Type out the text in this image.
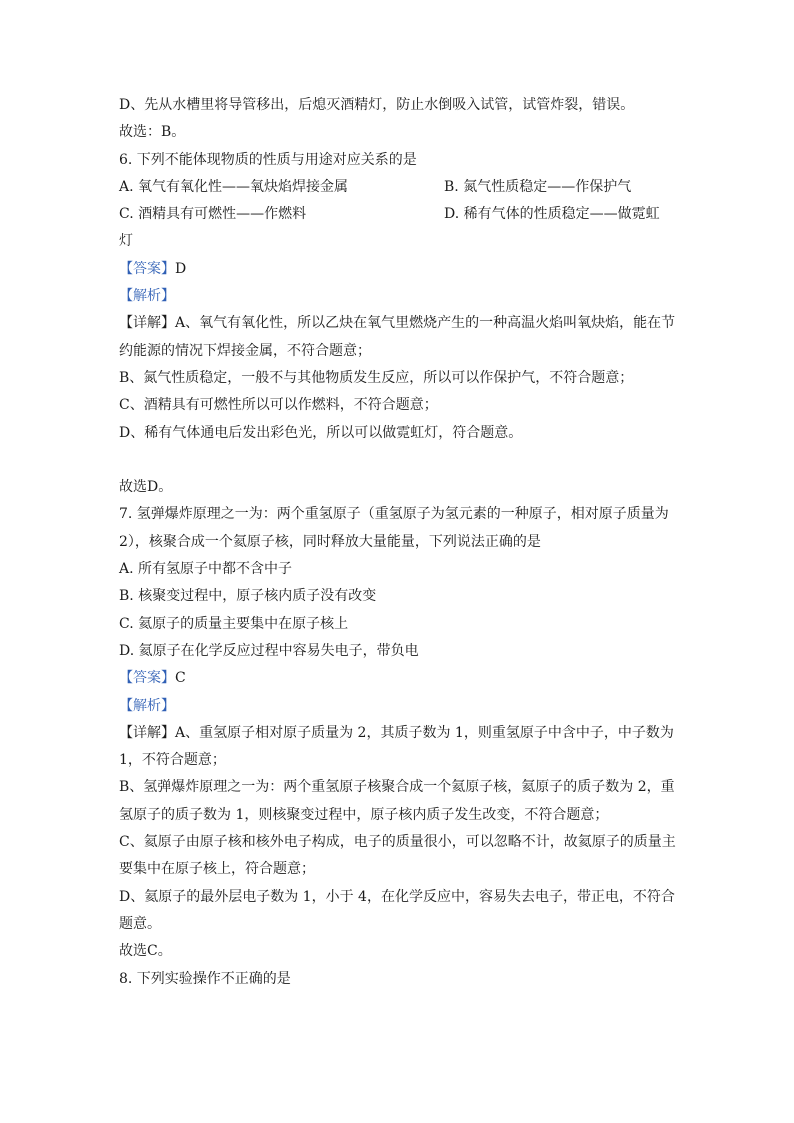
D、先从水槽里将导管移出，后熄灭酒精灯，防止水倒吸入试管，试管炸裂，错误。
故选：B。
6. 下列不能体现物质的性质与用途对应关系的是
A. 氧气有氧化性——氧炔焰焊接金属	B. 氮气性质稳定——作保护气
C. 酒精具有可燃性——作燃料	D. 稀有气体的性质稳定——做霓虹
灯
【答案】D
【解析】
【详解】A、氧气有氧化性，所以乙炔在氧气里燃烧产生的一种高温火焰叫氧炔焰，能在节
约能源的情况下焊接金属，不符合题意；
B、氮气性质稳定，一般不与其他物质发生反应，所以可以作保护气，不符合题意；
C、酒精具有可燃性所以可以作燃料，不符合题意；
D、稀有气体通电后发出彩色光，所以可以做霓虹灯，符合题意。
故选D。
7. 氢弹爆炸原理之一为：两个重氢原子（重氢原子为氢元素的一种原子，相对原子质量为
2），核聚合成一个氦原子核，同时释放大量能量，下列说法正确的是
A. 所有氢原子中都不含中子
B. 核聚变过程中，原子核内质子没有改变
C. 氦原子的质量主要集中在原子核上
D. 氦原子在化学反应过程中容易失电子，带负电
【答案】C
【解析】
【详解】A、重氢原子相对原子质量为 2，其质子数为 1，则重氢原子中含中子，中子数为
1，不符合题意；
B、氢弹爆炸原理之一为：两个重氢原子核聚合成一个氦原子核，氦原子的质子数为 2，重
氢原子的质子数为 1，则核聚变过程中，原子核内质子发生改变，不符合题意；
C、氦原子由原子核和核外电子构成，电子的质量很小，可以忽略不计，故氦原子的质量主
要集中在原子核上，符合题意；
D、氦原子的最外层电子数为 1，小于 4，在化学反应中，容易失去电子，带正电，不符合
题意。
故选C。
8. 下列实验操作不正确的是
